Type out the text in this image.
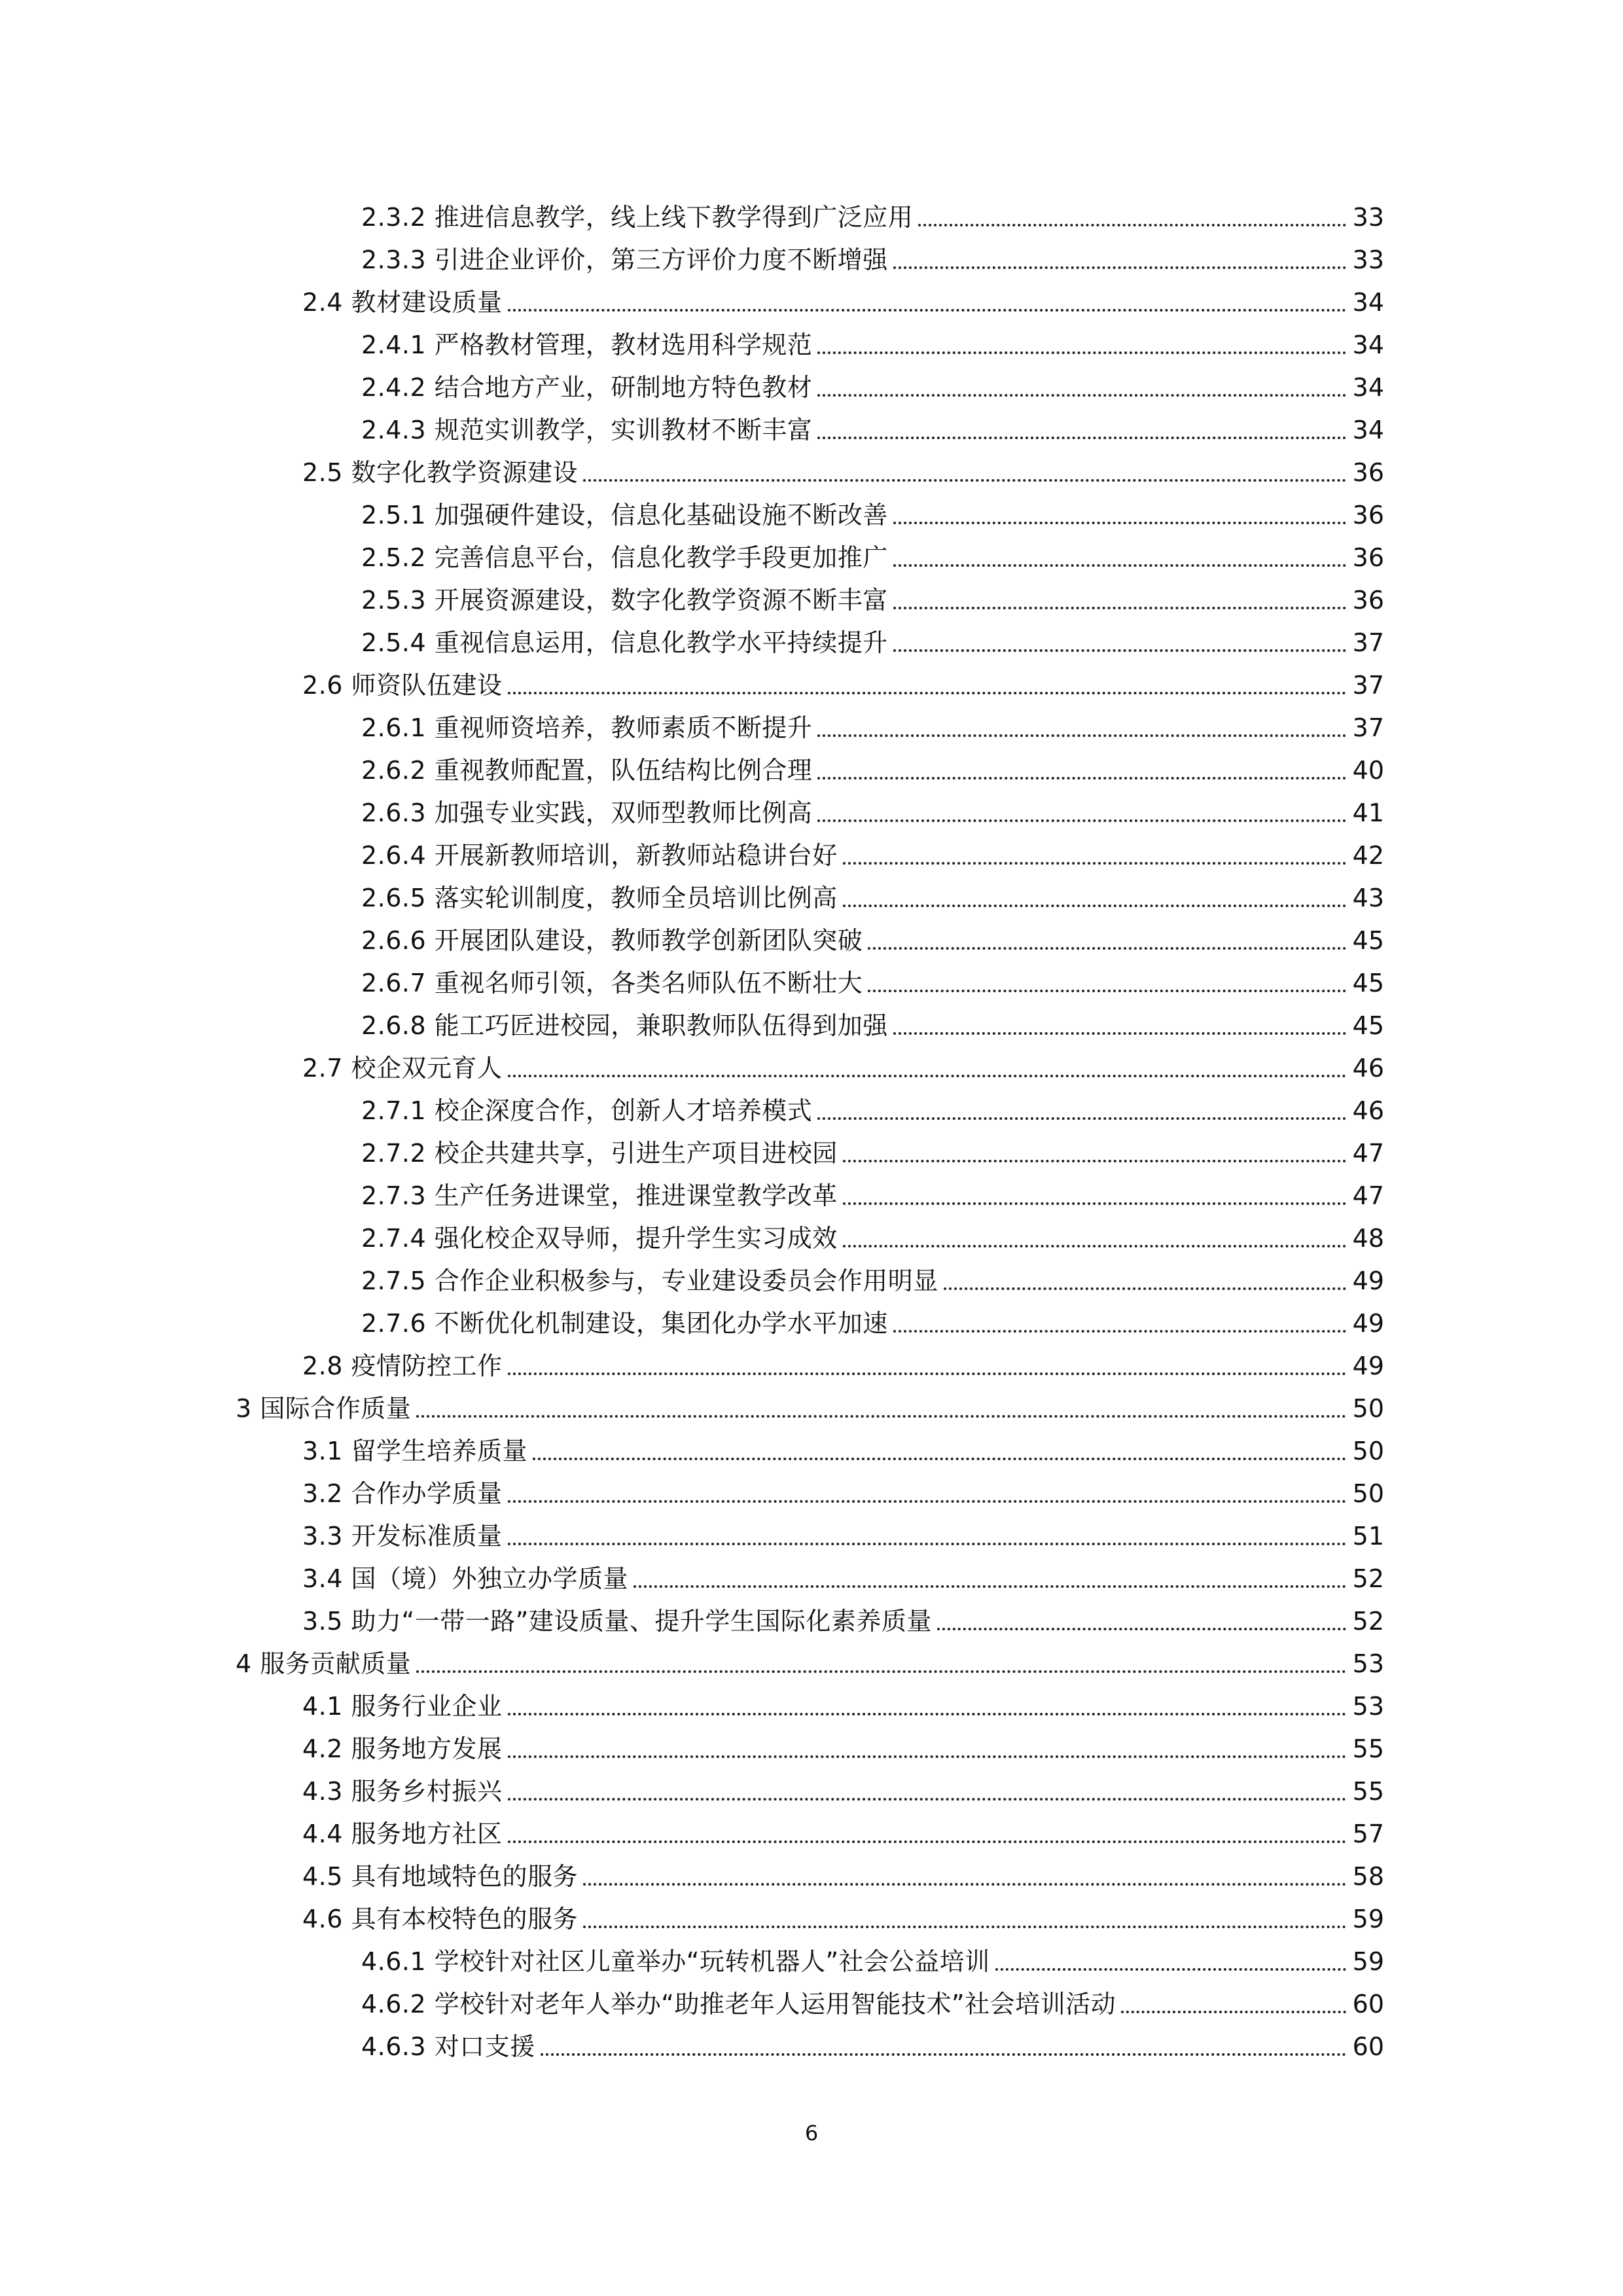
2.3.2 推进信息教学，线上线下教学得到广泛应用	33
2.3.3 引进企业评价，第三方评价力度不断增强	33
2.4 教材建设质量	34
2.4.1 严格教材管理，教材选用科学规范	34
2.4.2 结合地方产业，研制地方特色教材	34
2.4.3 规范实训教学，实训教材不断丰富	34
2.5 数字化教学资源建设	36
2.5.1 加强硬件建设，信息化基础设施不断改善	36
2.5.2 完善信息平台，信息化教学手段更加推广	36
2.5.3 开展资源建设，数字化教学资源不断丰富	36
2.5.4 重视信息运用，信息化教学水平持续提升	37
2.6 师资队伍建设	37
2.6.1 重视师资培养，教师素质不断提升	37
2.6.2 重视教师配置，队伍结构比例合理	40
2.6.3 加强专业实践，双师型教师比例高	41
2.6.4 开展新教师培训，新教师站稳讲台好	42
2.6.5 落实轮训制度，教师全员培训比例高	43
2.6.6 开展团队建设，教师教学创新团队突破	45
2.6.7 重视名师引领，各类名师队伍不断壮大	45
2.6.8 能工巧匠进校园，兼职教师队伍得到加强	45
2.7 校企双元育人	46
2.7.1 校企深度合作，创新人才培养模式	46
2.7.2 校企共建共享，引进生产项目进校园	47
2.7.3 生产任务进课堂，推进课堂教学改革	47
2.7.4 强化校企双导师，提升学生实习成效	48
2.7.5 合作企业积极参与，专业建设委员会作用明显	49
2.7.6 不断优化机制建设，集团化办学水平加速	49
2.8 疫情防控工作	49
3 国际合作质量	50
3.1 留学生培养质量	50
3.2 合作办学质量	50
3.3 开发标准质量	51
3.4 国（境）外独立办学质量	52
3.5 助力“一带一路”建设质量、提升学生国际化素养质量	52
4 服务贡献质量	53
4.1 服务行业企业	53
4.2 服务地方发展	55
4.3 服务乡村振兴	55
4.4 服务地方社区	57
4.5 具有地域特色的服务	58
4.6 具有本校特色的服务	59
4.6.1 学校针对社区儿童举办“玩转机器人”社会公益培训	59
4.6.2 学校针对老年人举办“助推老年人运用智能技术”社会培训活动	60
4.6.3 对口支援	60
6
